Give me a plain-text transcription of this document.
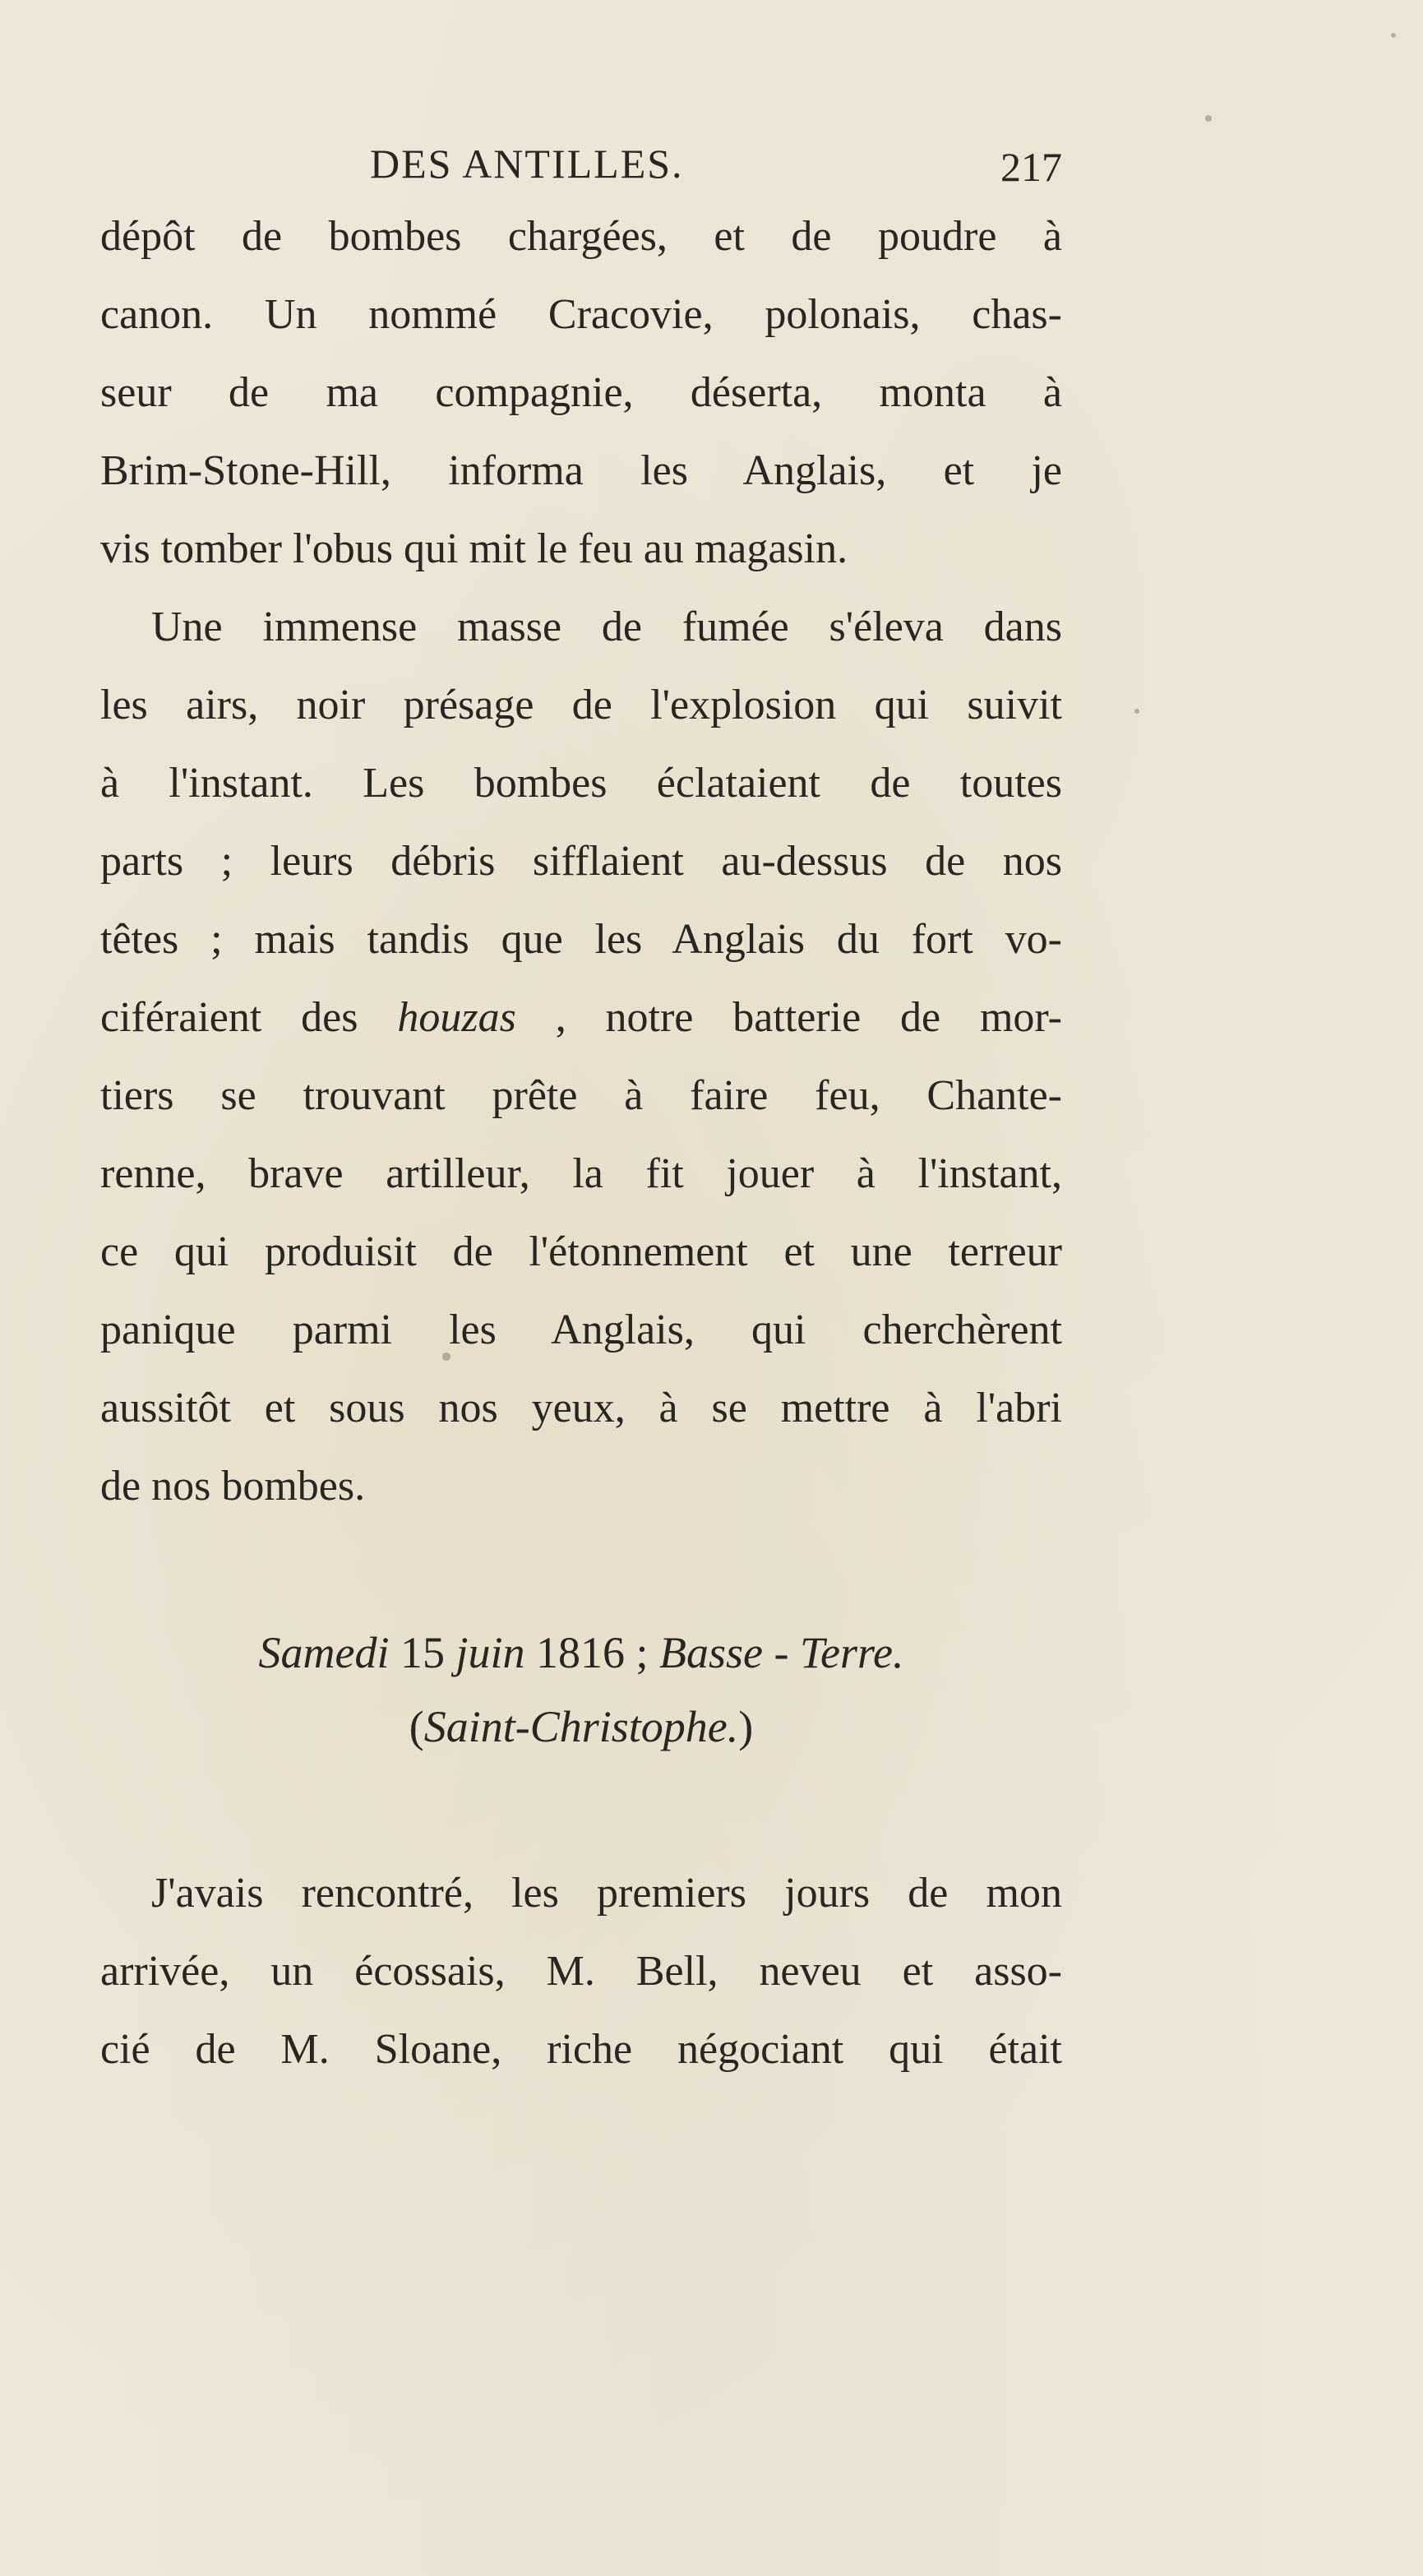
DES ANTILLES.	217

dépôt de bombes chargées, et de poudre à
canon. Un nommé Cracovie, polonais, chas-
seur de ma compagnie, déserta, monta à
Brim-Stone-Hill, informa les Anglais, et je
vis tomber l'obus qui mit le feu au magasin.

Une immense masse de fumée s'éleva dans
les airs, noir présage de l'explosion qui suivit
à l'instant. Les bombes éclataient de toutes
parts ; leurs débris sifflaient au-dessus de nos
têtes ; mais tandis que les Anglais du fort vo-
ciféraient des houzas , notre batterie de mor-
tiers se trouvant prête à faire feu, Chante-
renne, brave artilleur, la fit jouer à l'instant,
ce qui produisit de l'étonnement et une terreur
panique parmi les Anglais, qui cherchèrent
aussitôt et sous nos yeux, à se mettre à l'abri
de nos bombes.

Samedi 15 juin 1816 ; Basse - Terre.
(Saint-Christophe.)

J'avais rencontré, les premiers jours de mon
arrivée, un écossais, M. Bell, neveu et asso-
cié de M. Sloane, riche négociant qui était
